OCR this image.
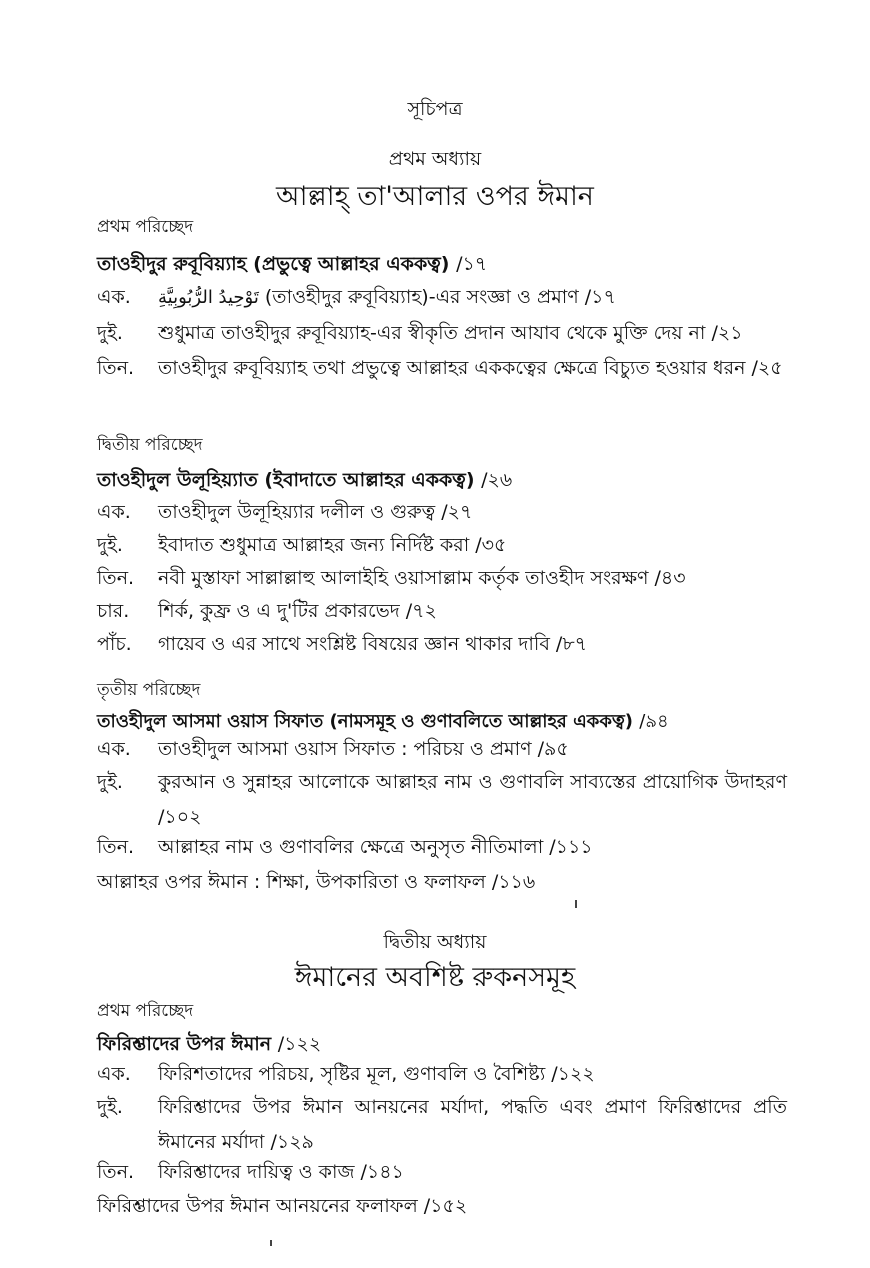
সূচিপত্র
প্রথম অধ্যায়
আল্লাহ্ তা'আলার ওপর ঈমান
প্রথম পরিচ্ছেদ
তাওহীদুর রুবূবিয়্যাহ (প্রভুত্বে আল্লাহর এককত্ব) /১৭
এক.	تَوْحِيدُ الرُّبُوبِيَّةِ (তাওহীদুর রুবূবিয়্যাহ)-এর সংজ্ঞা ও প্রমাণ /১৭
দুই.	শুধুমাত্র তাওহীদুর রুবূবিয়্যাহ-এর স্বীকৃতি প্রদান আযাব থেকে মুক্তি দেয় না /২১
তিন.	তাওহীদুর রুবূবিয়্যাহ তথা প্রভুত্বে আল্লাহর এককত্বের ক্ষেত্রে বিচ্যুত হওয়ার ধরন /২৫
দ্বিতীয় পরিচ্ছেদ
তাওহীদুল উলূহিয়্যাত (ইবাদাতে আল্লাহর এককত্ব) /২৬
এক.	তাওহীদুল উলূহিয়্যার দলীল ও গুরুত্ব /২৭
দুই.	ইবাদাত শুধুমাত্র আল্লাহর জন্য নির্দিষ্ট করা /৩৫
তিন.	নবী মুস্তাফা সাল্লাল্লাহু আলাইহি ওয়াসাল্লাম কর্তৃক তাওহীদ সংরক্ষণ /৪৩
চার.	শির্ক, কুফ্র ও এ দু'টির প্রকারভেদ /৭২
পাঁচ.	গায়েব ও এর সাথে সংশ্লিষ্ট বিষয়ের জ্ঞান থাকার দাবি /৮৭
তৃতীয় পরিচ্ছেদ
তাওহীদুল আসমা ওয়াস সিফাত (নামসমূহ ও গুণাবলিতে আল্লাহর এককত্ব) /৯৪
এক.	তাওহীদুল আসমা ওয়াস সিফাত : পরিচয় ও প্রমাণ /৯৫
দুই.	কুরআন ও সুন্নাহর আলোকে আল্লাহর নাম ও গুণাবলি সাব্যস্তের প্রায়োগিক উদাহরণ /১০২
তিন.	আল্লাহর নাম ও গুণাবলির ক্ষেত্রে অনুসৃত নীতিমালা /১১১
আল্লাহর ওপর ঈমান : শিক্ষা, উপকারিতা ও ফলাফল /১১৬
দ্বিতীয় অধ্যায়
ঈমানের অবশিষ্ট রুকনসমূহ
প্রথম পরিচ্ছেদ
ফিরিশ্তাদের উপর ঈমান /১২২
এক.	ফিরিশতাদের পরিচয়, সৃষ্টির মূল, গুণাবলি ও বৈশিষ্ট্য /১২২
দুই.	ফিরিশ্তাদের উপর ঈমান আনয়নের মর্যাদা, পদ্ধতি এবং প্রমাণ ফিরিশ্তাদের প্রতি ঈমানের মর্যাদা /১২৯
তিন.	ফিরিশ্তাদের দায়িত্ব ও কাজ /১৪১
ফিরিশ্তাদের উপর ঈমান আনয়নের ফলাফল /১৫২
